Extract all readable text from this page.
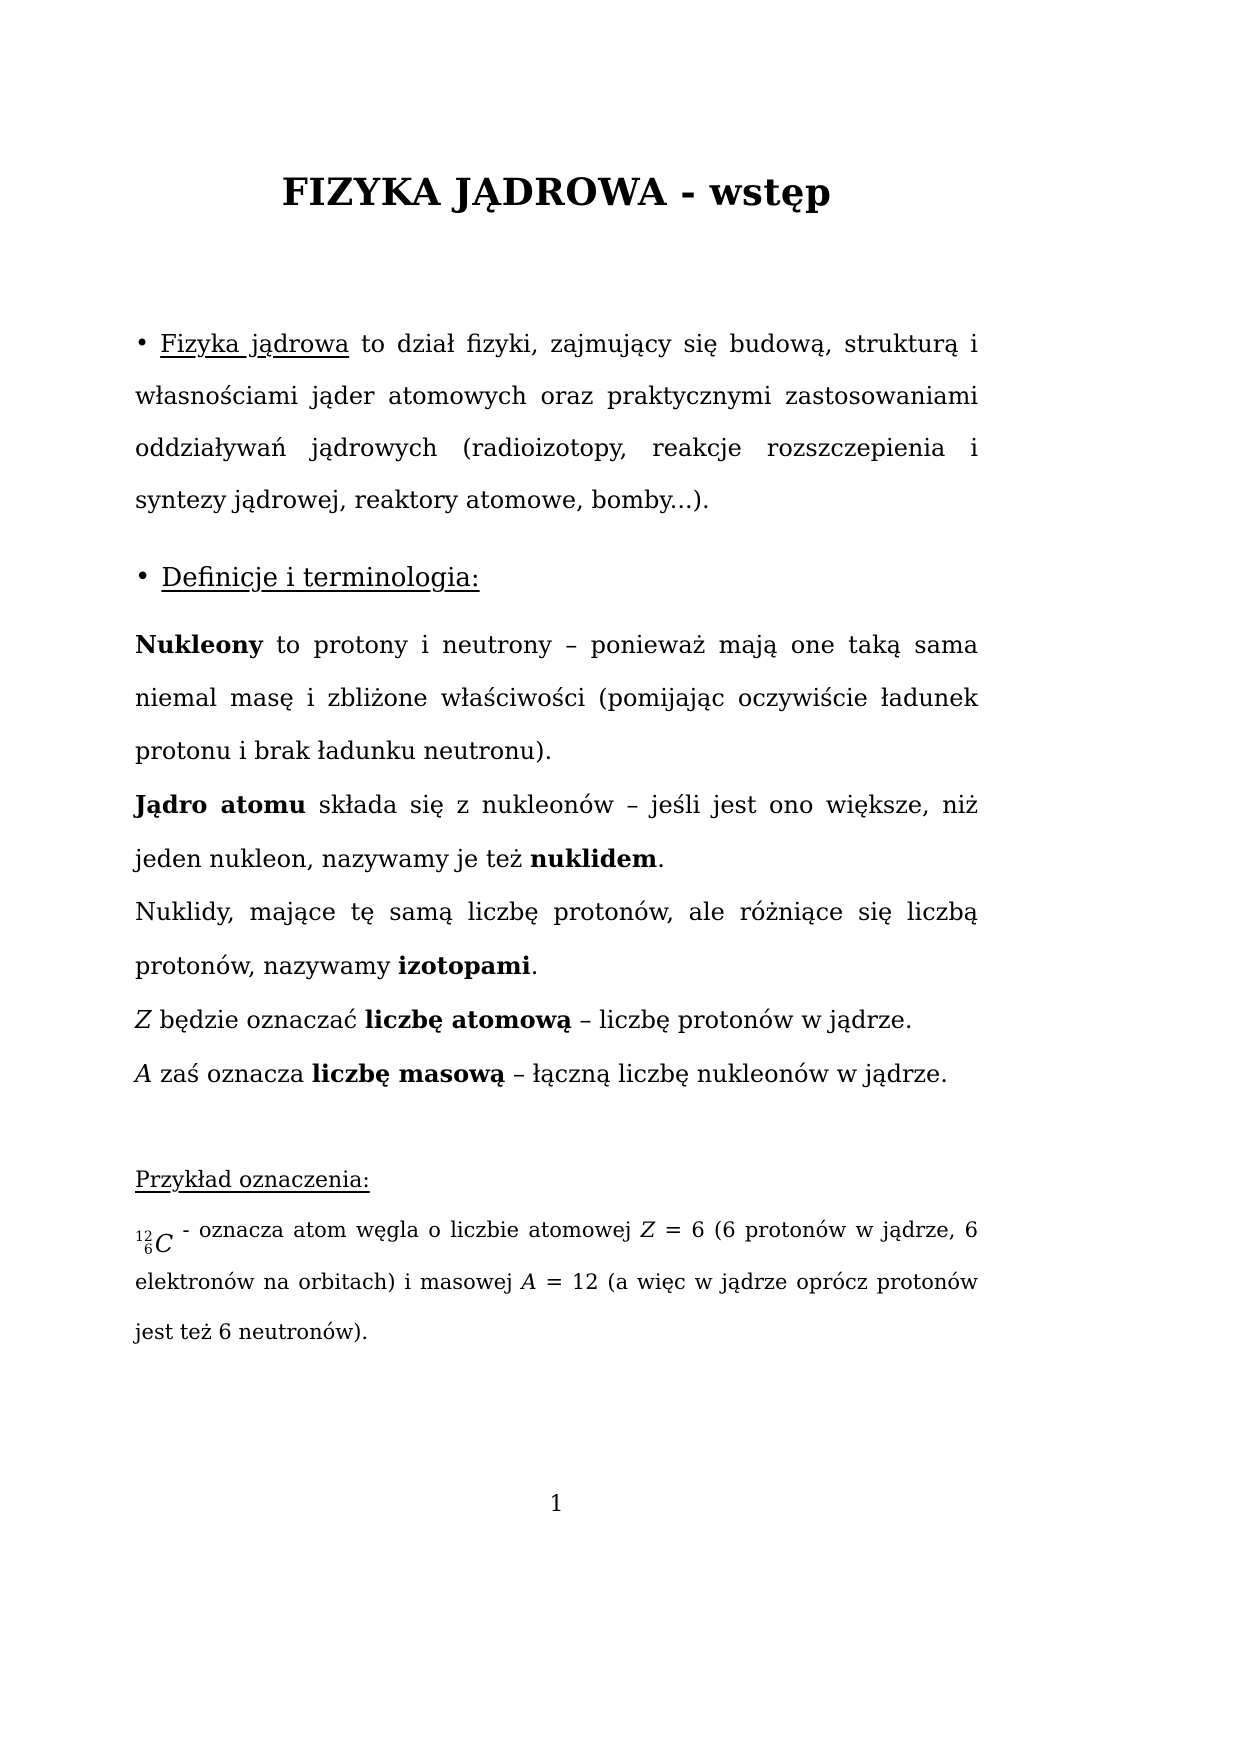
FIZYKA JĄDROWA - wstęp

• Fizyka jądrowa to dział fizyki, zajmujący się budową, strukturą i własnościami jąder atomowych oraz praktycznymi zastosowaniami oddziaływań jądrowych (radioizotopy, reakcje rozszczepienia i syntezy jądrowej, reaktory atomowe, bomby...).

• Definicje i terminologia:

Nukleony to protony i neutrony – ponieważ mają one taką sama niemal masę i zbliżone właściwości (pomijając oczywiście ładunek protonu i brak ładunku neutronu).

Jądro atomu składa się z nukleonów – jeśli jest ono większe, niż jeden nukleon, nazywamy je też nuklidem.

Nuklidy, mające tę samą liczbę protonów, ale różniące się liczbą protonów, nazywamy izotopami.

Z będzie oznaczać liczbę atomową – liczbę protonów w jądrze.

A zaś oznacza liczbę masową – łączną liczbę nukleonów w jądrze.

Przykład oznaczenia:

12
6 C - oznacza atom węgla o liczbie atomowej Z = 6 (6 protonów w jądrze, 6 elektronów na orbitach) i masowej A = 12 (a więc w jądrze oprócz protonów jest też 6 neutronów).

1
